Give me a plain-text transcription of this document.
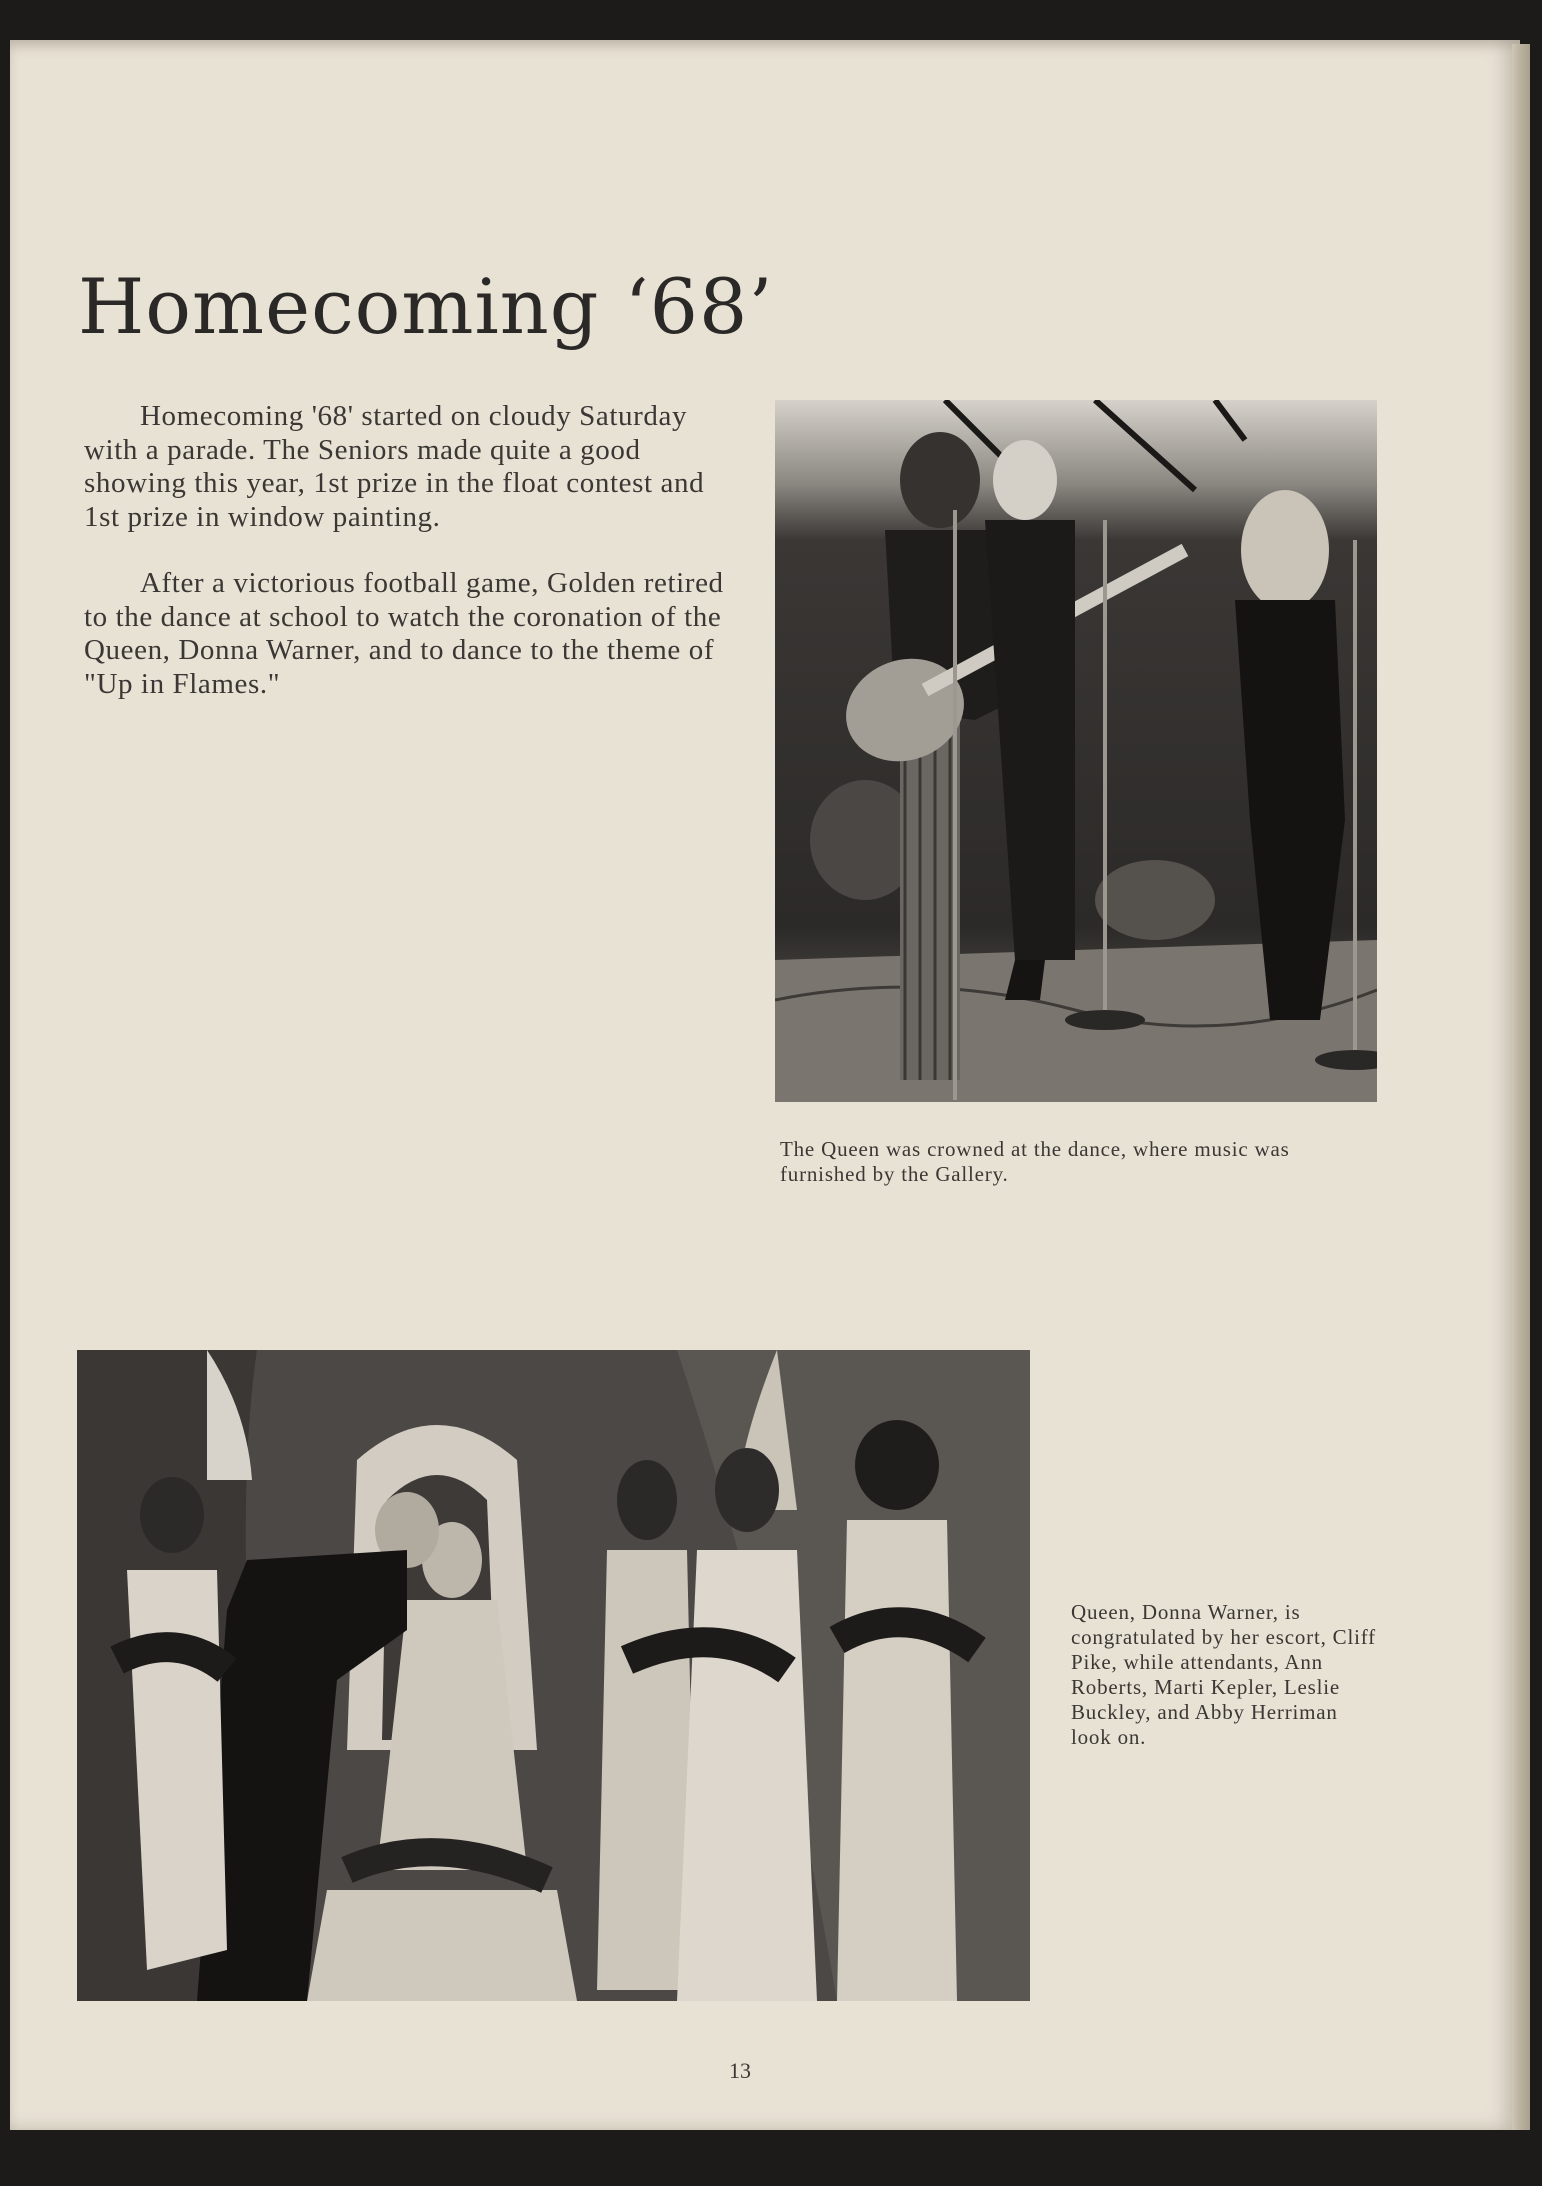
Homecoming ‘68’

Homecoming '68' started on cloudy Saturday with a parade. The Seniors made quite a good showing this year, 1st prize in the float contest and 1st prize in window painting.

After a victorious football game, Golden retired to the dance at school to watch the coronation of the Queen, Donna Warner, and to dance to the theme of "Up in Flames."

The Queen was crowned at the dance, where music was furnished by the Gallery.
Queen, Donna Warner, is congratulated by her escort, Cliff Pike, while attendants, Ann Roberts, Marti Kepler, Leslie Buckley, and Abby Herriman look on.
13
